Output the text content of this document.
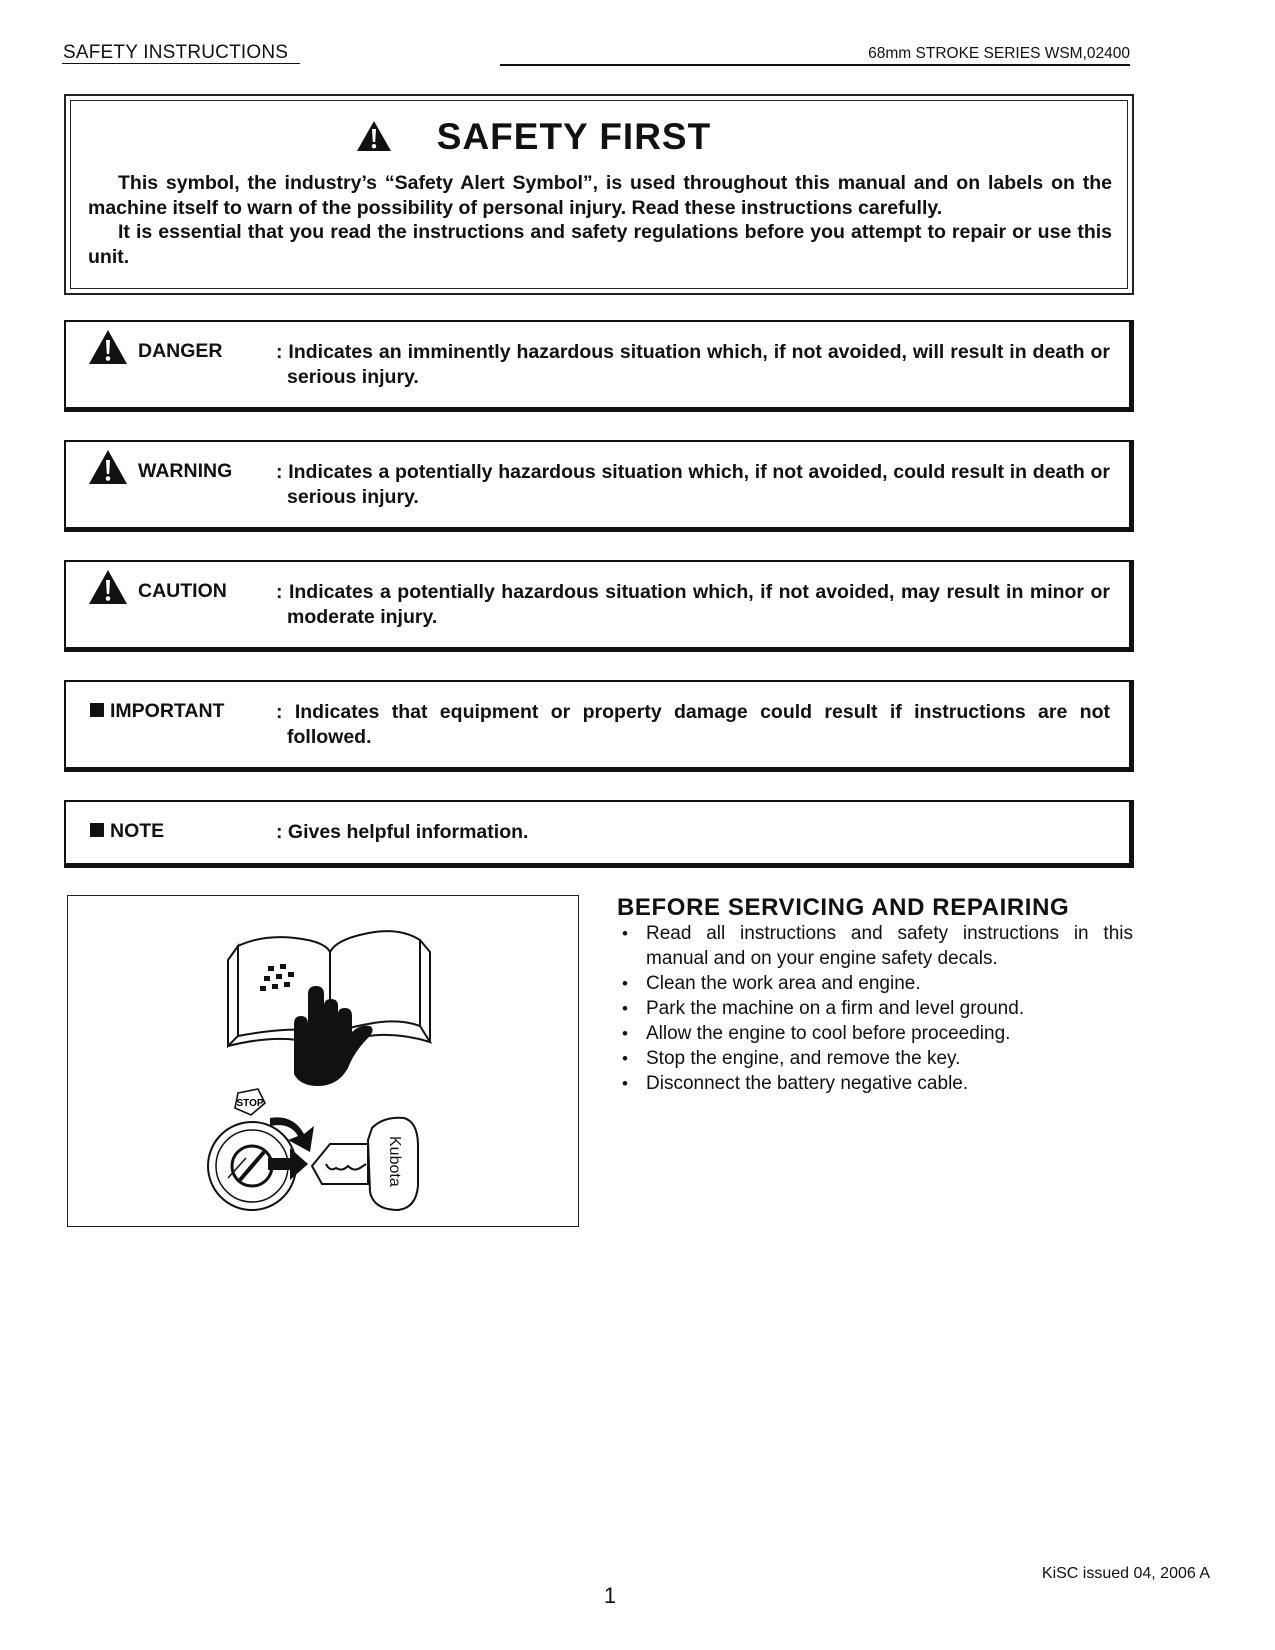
SAFETY INSTRUCTIONS	68mm STROKE SERIES WSM,02400
SAFETY FIRST
This symbol, the industry’s “Safety Alert Symbol”, is used throughout this manual and on labels on the machine itself to warn of the possibility of personal injury. Read these instructions carefully.
It is essential that you read the instructions and safety regulations before you attempt to repair or use this unit.
DANGER	: Indicates an imminently hazardous situation which, if not avoided, will result in death or serious injury.
WARNING : Indicates a potentially hazardous situation which, if not avoided, could result in death or serious injury.
CAUTION	: Indicates a potentially hazardous situation which, if not avoided, may result in minor or moderate injury.
IMPORTANT	: Indicates that equipment or property damage could result if instructions are not followed.
NOTE	: Gives helpful information.
STOP
Kubota
BEFORE SERVICING AND REPAIRING
• Read all instructions and safety instructions in this manual and on your engine safety decals.
• Clean the work area and engine.
• Park the machine on a firm and level ground.
• Allow the engine to cool before proceeding.
• Stop the engine, and remove the key.
• Disconnect the battery negative cable.
KiSC issued 04, 2006 A
1
